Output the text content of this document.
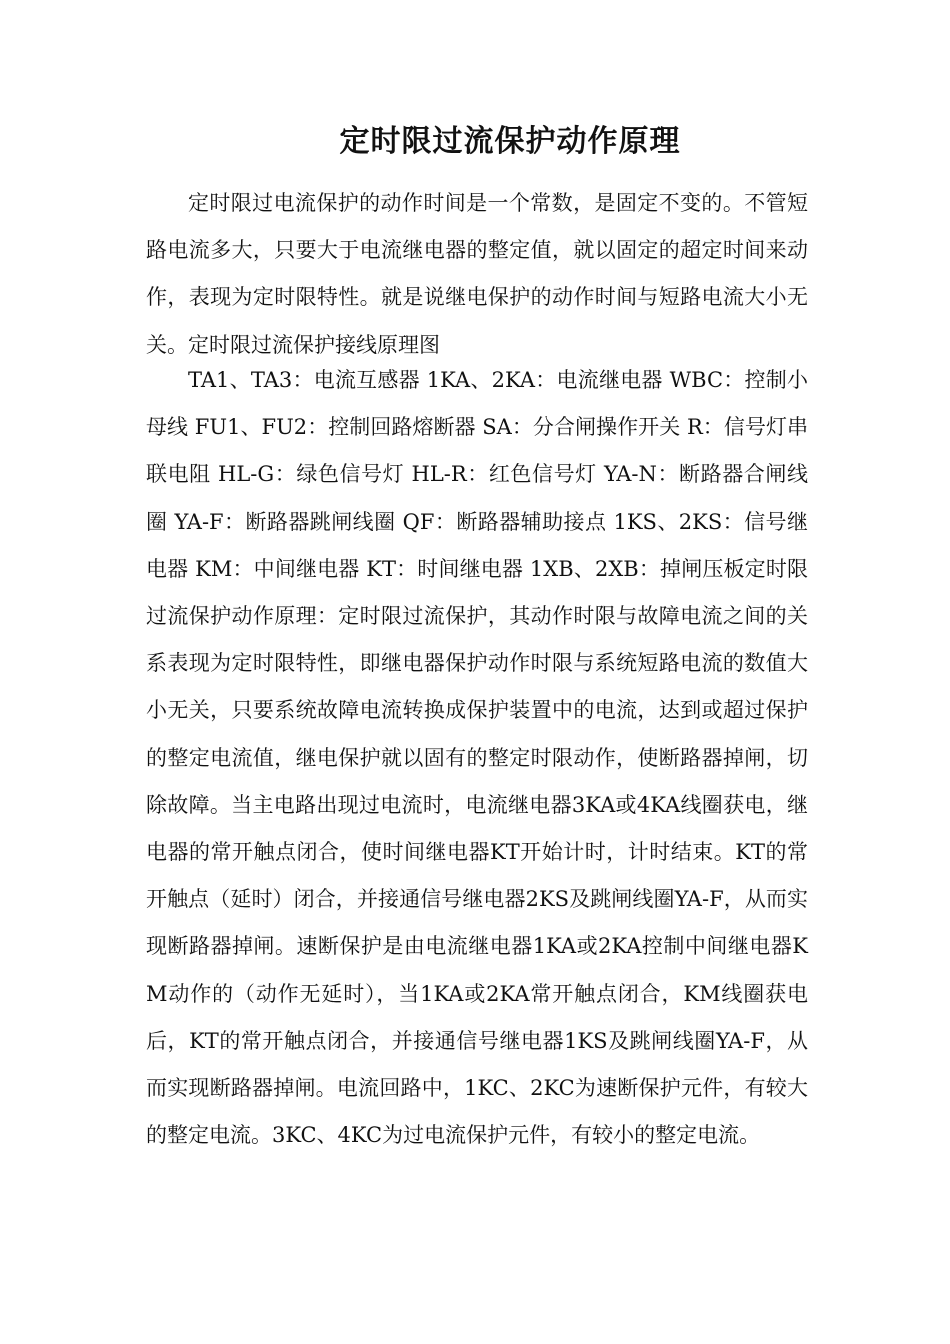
定时限过流保护动作原理

定时限过电流保护的动作时间是一个常数，是固定不变的。不管短路电流多大，只要大于电流继电器的整定值，就以固定的超定时间来动作，表现为定时限特性。就是说继电保护的动作时间与短路电流大小无关。定时限过流保护接线原理图

TA1、TA3：电流互感器 1KA、2KA：电流继电器 WBC：控制小母线 FU1、FU2：控制回路熔断器 SA：分合闸操作开关 R：信号灯串联电阻 HL-G：绿色信号灯 HL-R：红色信号灯 YA-N：断路器合闸线圈 YA-F：断路器跳闸线圈 QF：断路器辅助接点 1KS、2KS：信号继电器 KM：中间继电器 KT：时间继电器 1XB、2XB：掉闸压板定时限过流保护动作原理：定时限过流保护，其动作时限与故障电流之间的关系表现为定时限特性，即继电器保护动作时限与系统短路电流的数值大小无关，只要系统故障电流转换成保护装置中的电流，达到或超过保护的整定电流值，继电保护就以固有的整定时限动作，使断路器掉闸，切除故障。当主电路出现过电流时，电流继电器3KA或4KA线圈获电，继电器的常开触点闭合，使时间继电器KT开始计时，计时结束。KT的常开触点（延时）闭合，并接通信号继电器2KS及跳闸线圈YA-F，从而实现断路器掉闸。速断保护是由电流继电器1KA或2KA控制中间继电器KM动作的（动作无延时），当1KA或2KA常开触点闭合，KM线圈获电后，KT的常开触点闭合，并接通信号继电器1KS及跳闸线圈YA-F，从而实现断路器掉闸。电流回路中，1KC、2KC为速断保护元件，有较大的整定电流。3KC、4KC为过电流保护元件，有较小的整定电流。
